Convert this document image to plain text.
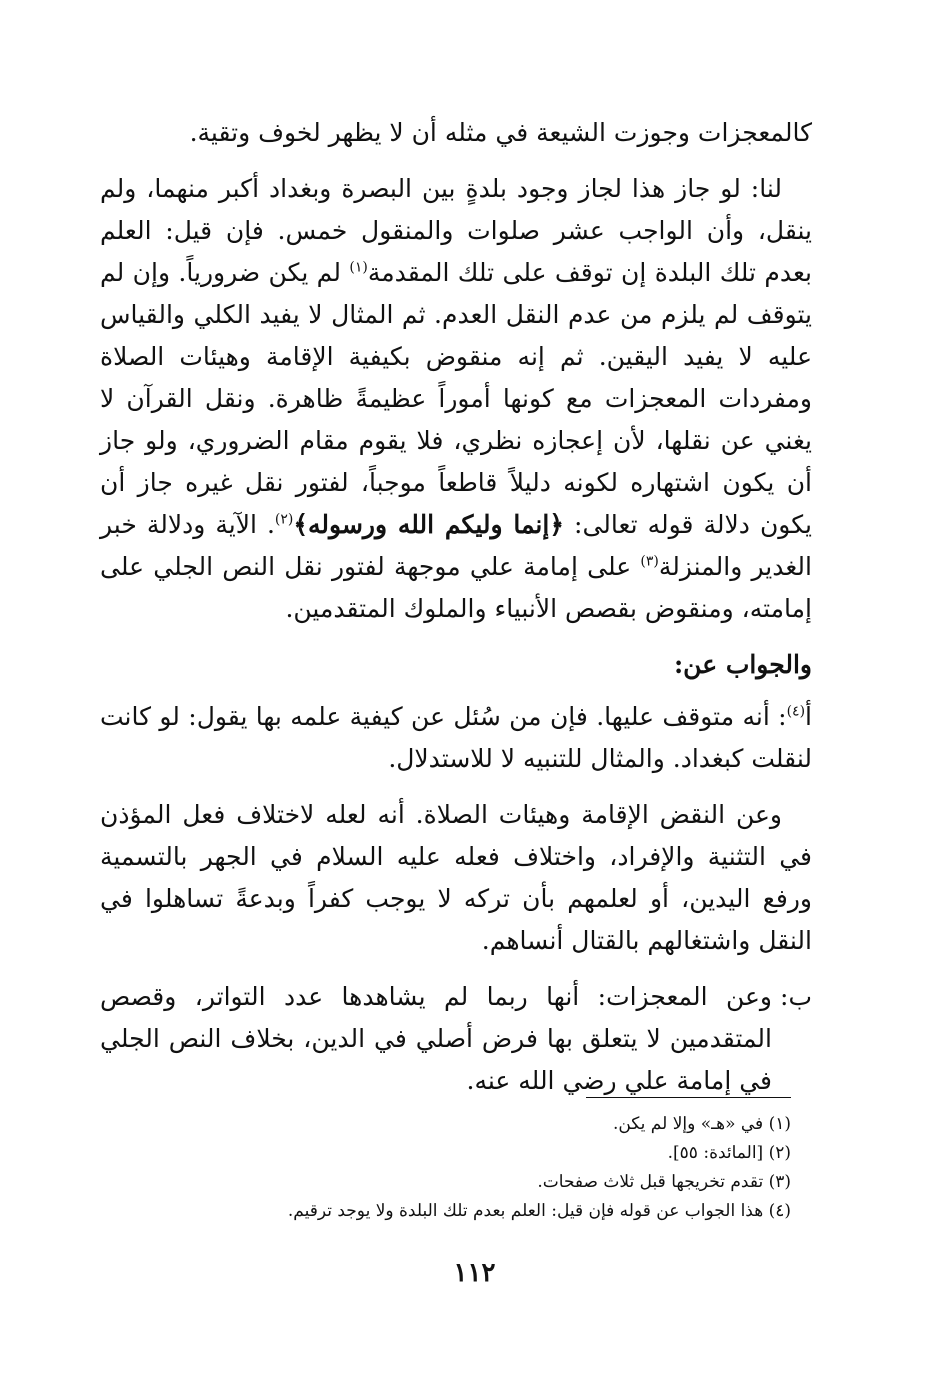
كالمعجزات وجوزت الشيعة في مثله أن لا يظهر لخوف وتقية.

لنا: لو جاز هذا لجاز وجود بلدةٍ بين البصرة وبغداد أكبر منهما، ولم ينقل، وأن الواجب عشر صلوات والمنقول خمس. فإن قيل: العلم بعدم تلك البلدة إن توقف على تلك المقدمة$^{(١)}$ لم يكن ضرورياً. وإن لم يتوقف لم يلزم من عدم النقل العدم. ثم المثال لا يفيد الكلي والقياس عليه لا يفيد اليقين. ثم إنه منقوض بكيفية الإقامة وهيئات الصلاة ومفردات المعجزات مع كونها أموراً عظيمةً ظاهرة. ونقل القرآن لا يغني عن نقلها، لأن إعجازه نظري، فلا يقوم مقام الضروري، ولو جاز أن يكون اشتهاره لكونه دليلاً قاطعاً موجباً، لفتور نقل غيره جاز أن يكون دلالة قوله تعالى: ﴿إنما وليكم الله ورسوله﴾$^{(٢)}$. الآية ودلالة خبر الغدير والمنزلة$^{(٣)}$ على إمامة علي موجهة لفتور نقل النص الجلي على إمامته، ومنقوض بقصص الأنبياء والملوك المتقدمين.

والجواب عن:
أ$^{(٤)}$: أنه متوقف عليها. فإن من سُئل عن كيفية علمه بها يقول: لو كانت لنقلت كبغداد. والمثال للتنبيه لا للاستدلال.

وعن النقض الإقامة وهيئات الصلاة. أنه لعله لاختلاف فعل المؤذن في التثنية والإفراد، واختلاف فعله عليه السلام في الجهر بالتسمية ورفع اليدين، أو لعلمهم بأن تركه لا يوجب كفراً وبدعةً تساهلوا في النقل واشتغالهم بالقتال أنساهم.

ب:
وعن المعجزات: أنها ربما لم يشاهدها عدد التواتر، وقصص المتقدمين لا يتعلق بها فرض أصلي في الدين، بخلاف النص الجلي في إمامة علي رضي الله عنه.
(١) في «هـ» وإلا لم يكن.
(٢) [المائدة: ٥٥].
(٣) تقدم تخريجها قبل ثلاث صفحات.
(٤) هذا الجواب عن قوله فإن قيل: العلم بعدم تلك البلدة ولا يوجد ترقيم.
١١٢
